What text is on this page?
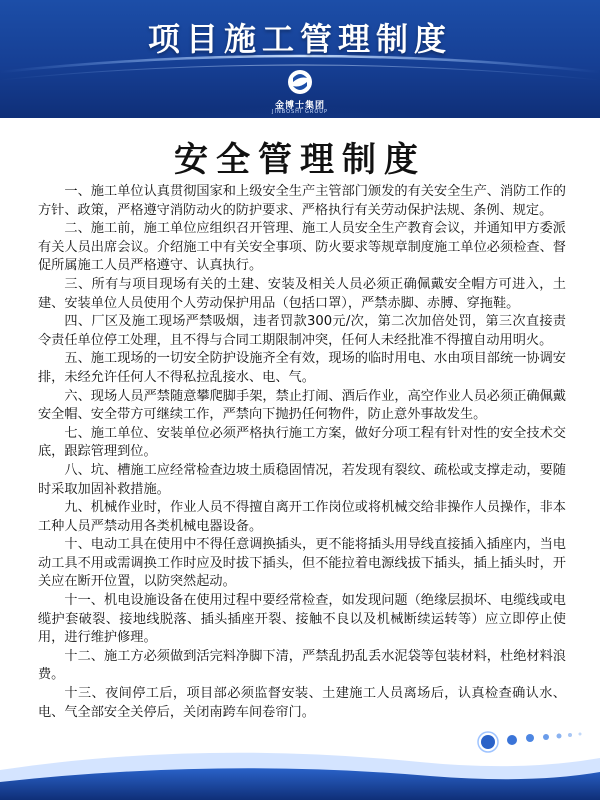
项目施工管理制度
金博士集团
JINBOSHI GROUP
安全管理制度

一、施工单位认真贯彻国家和上级安全生产主管部门颁发的有关安全生产、消防工作的方针、政策，严格遵守消防动火的防护要求、严格执行有关劳动保护法规、条例、规定。

二、施工前，施工单位应组织召开管理、施工人员安全生产教育会议，并通知甲方委派有关人员出席会议。介绍施工中有关安全事项、防火要求等规章制度施工单位必须检查、督促所属施工人员严格遵守、认真执行。

三、所有与项目现场有关的土建、安装及相关人员必须正确佩戴安全帽方可进入，土建、安装单位人员使用个人劳动保护用品（包括口罩），严禁赤脚、赤膊、穿拖鞋。

四、厂区及施工现场严禁吸烟，违者罚款300元/次，第二次加倍处罚，第三次直接责令责任单位停工处理，且不得与合同工期限制冲突，任何人未经批准不得擅自动用明火。

五、施工现场的一切安全防护设施齐全有效，现场的临时用电、水由项目部统一协调安排，未经允许任何人不得私拉乱接水、电、气。

六、现场人员严禁随意攀爬脚手架，禁止打闹、酒后作业，高空作业人员必须正确佩戴安全帽、安全带方可继续工作，严禁向下抛扔任何物件，防止意外事故发生。

七、施工单位、安装单位必须严格执行施工方案，做好分项工程有针对性的安全技术交底，跟踪管理到位。

八、坑、槽施工应经常检查边坡土质稳固情况，若发现有裂纹、疏松或支撑走动，要随时采取加固补救措施。

九、机械作业时，作业人员不得擅自离开工作岗位或将机械交给非操作人员操作，非本工种人员严禁动用各类机械电器设备。

十、电动工具在使用中不得任意调换插头，更不能将插头用导线直接插入插座内，当电动工具不用或需调换工作时应及时拔下插头，但不能拉着电源线拔下插头，插上插头时，开关应在断开位置，以防突然起动。

十一、机电设施设备在使用过程中要经常检查，如发现问题（绝缘层损坏、电缆线或电缆护套破裂、接地线脱落、插头插座开裂、接触不良以及机械断续运转等）应立即停止使用，进行维护修理。

十二、施工方必须做到活完料净脚下清，严禁乱扔乱丢水泥袋等包装材料，杜绝材料浪费。

十三、夜间停工后，项目部必须监督安装、土建施工人员离场后，认真检查确认水、电、气全部安全关停后，关闭南跨车间卷帘门。
